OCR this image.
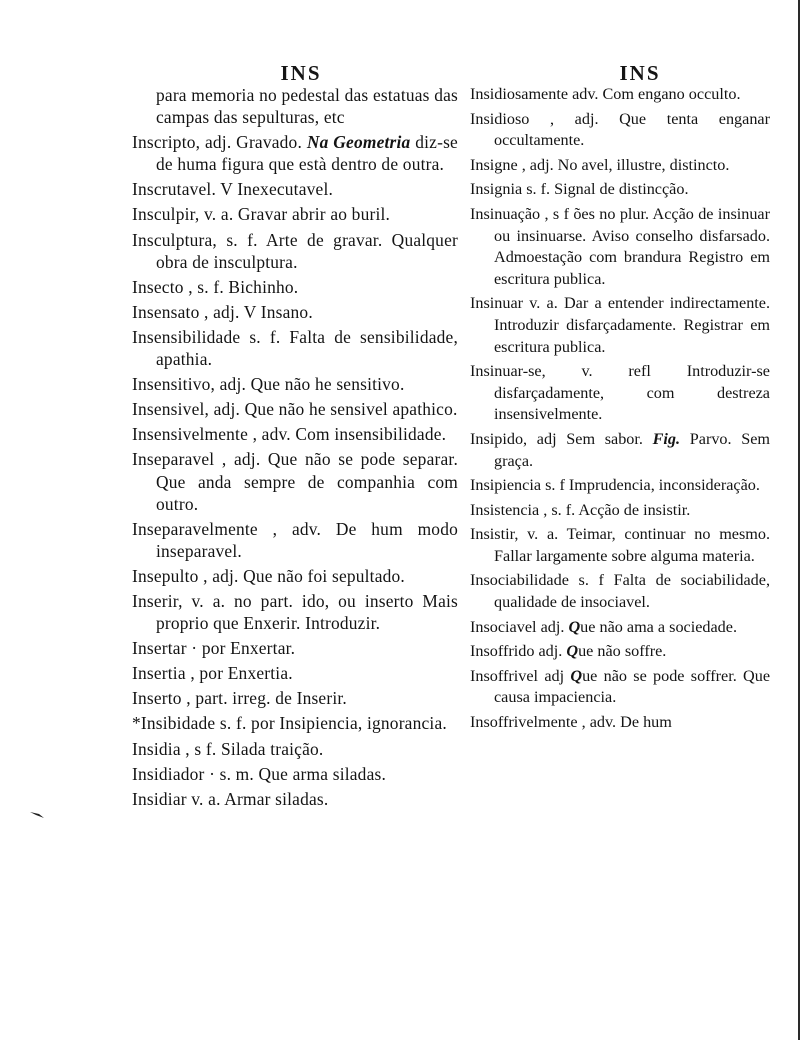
INS

para memoria no pedestal das estatuas das campas das sepulturas, etc

Inscripto, adj. Gravado. Na Geometria diz-se de huma figura que està dentro de outra.

Inscrutavel. V Inexecutavel.

Insculpir, v. a. Gravar abrir ao buril.

Insculptura, s. f. Arte de gravar. Qualquer obra de insculptura.

Insecto , s. f. Bichinho.

Insensato , adj. V Insano.

Insensibilidade s. f. Falta de sensibilidade, apathia.

Insensitivo, adj. Que não he sensitivo.

Insensivel, adj. Que não he sensivel apathico.

Insensivelmente , adv. Com insensibilidade.

Inseparavel , adj. Que não se pode separar. Que anda sempre de companhia com outro.

Inseparavelmente , adv. De hum modo inseparavel.

Insepulto , adj. Que não foi sepultado.

Inserir, v. a. no part. ido, ou inserto Mais proprio que Enxerir. Introduzir.

Insertar · por Enxertar.

Insertia , por Enxertia.

Inserto , part. irreg. de Inserir.

*Insibidade s. f. por Insipiencia, ignorancia.

Insidia , s f. Silada traição.

Insidiador · s. m. Que arma siladas.

Insidiar v. a. Armar siladas.

INS

Insidiosamente adv. Com engano occulto.

Insidioso , adj. Que tenta enganar occultamente.

Insigne , adj. No avel, illustre, distincto.

Insignia s. f. Signal de distincção.

Insinuação , s f ões no plur. Acção de insinuar ou insinuarse. Aviso conselho disfarsado. Admoestação com brandura Registro em escritura publica.

Insinuar v. a. Dar a entender indirectamente. Introduzir disfarçadamente. Registrar em escritura publica.

Insinuar-se, v. refl Introduzir-se disfarçadamente, com destreza insensivelmente.

Insipido, adj Sem sabor. Fig. Parvo. Sem graça.

Insipiencia s. f Imprudencia, inconsideração.

Insistencia , s. f. Acção de insistir.

Insistir, v. a. Teimar, continuar no mesmo. Fallar largamente sobre alguma materia.

Insociabilidade s. f Falta de sociabilidade, qualidade de insociavel.

Insociavel adj. Que não ama a sociedade.

Insoffrido adj. Que não soffre.

Insoffrivel adj Que não se pode soffrer. Que causa impaciencia.

Insoffrivelmente , adv. De hum
